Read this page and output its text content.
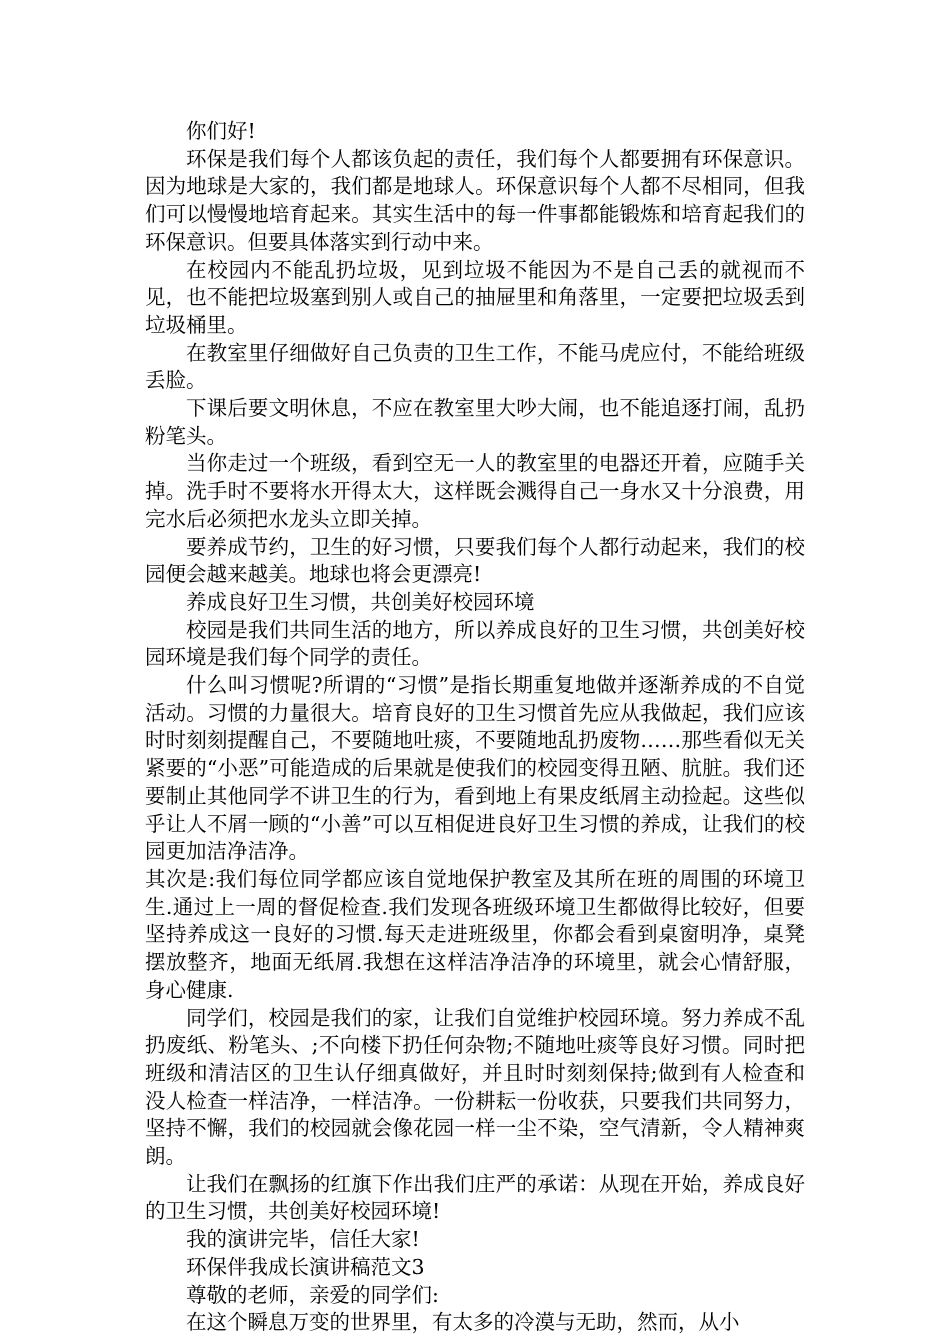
你们好!

环保是我们每个人都该负起的责任，我们每个人都要拥有环保意识。因为地球是大家的，我们都是地球人。环保意识每个人都不尽相同，但我们可以慢慢地培育起来。其实生活中的每一件事都能锻炼和培育起我们的环保意识。但要具体落实到行动中来。

在校园内不能乱扔垃圾，见到垃圾不能因为不是自己丢的就视而不见，也不能把垃圾塞到别人或自己的抽屉里和角落里，一定要把垃圾丢到垃圾桶里。

在教室里仔细做好自己负责的卫生工作，不能马虎应付，不能给班级丢脸。

下课后要文明休息，不应在教室里大吵大闹，也不能追逐打闹，乱扔粉笔头。

当你走过一个班级，看到空无一人的教室里的电器还开着，应随手关掉。洗手时不要将水开得太大，这样既会溅得自己一身水又十分浪费，用完水后必须把水龙头立即关掉。

要养成节约，卫生的好习惯，只要我们每个人都行动起来，我们的校园便会越来越美。地球也将会更漂亮!

养成良好卫生习惯，共创美好校园环境

校园是我们共同生活的地方，所以养成良好的卫生习惯，共创美好校园环境是我们每个同学的责任。

什么叫习惯呢?所谓的“习惯”是指长期重复地做并逐渐养成的不自觉活动。习惯的力量很大。培育良好的卫生习惯首先应从我做起，我们应该时时刻刻提醒自己，不要随地吐痰，不要随地乱扔废物……那些看似无关紧要的“小恶”可能造成的后果就是使我们的校园变得丑陋、肮脏。我们还要制止其他同学不讲卫生的行为，看到地上有果皮纸屑主动捡起。这些似乎让人不屑一顾的“小善”可以互相促进良好卫生习惯的养成，让我们的校园更加洁净洁净。

其次是:我们每位同学都应该自觉地保护教室及其所在班的周围的环境卫生.通过上一周的督促检查.我们发现各班级环境卫生都做得比较好，但要坚持养成这一良好的习惯.每天走进班级里，你都会看到桌窗明净，桌凳摆放整齐，地面无纸屑.我想在这样洁净洁净的环境里，就会心情舒服，身心健康.

同学们，校园是我们的家，让我们自觉维护校园环境。努力养成不乱扔废纸、粉笔头、;不向楼下扔任何杂物;不随地吐痰等良好习惯。同时把班级和清洁区的卫生认仔细真做好，并且时时刻刻保持;做到有人检查和没人检查一样洁净，一样洁净。一份耕耘一份收获，只要我们共同努力，坚持不懈，我们的校园就会像花园一样一尘不染，空气清新，令人精神爽朗。

让我们在飘扬的红旗下作出我们庄严的承诺：从现在开始，养成良好的卫生习惯，共创美好校园环境!

我的演讲完毕，信任大家!

环保伴我成长演讲稿范文3

尊敬的老师，亲爱的同学们:

在这个瞬息万变的世界里，有太多的冷漠与无助，然而，从小
